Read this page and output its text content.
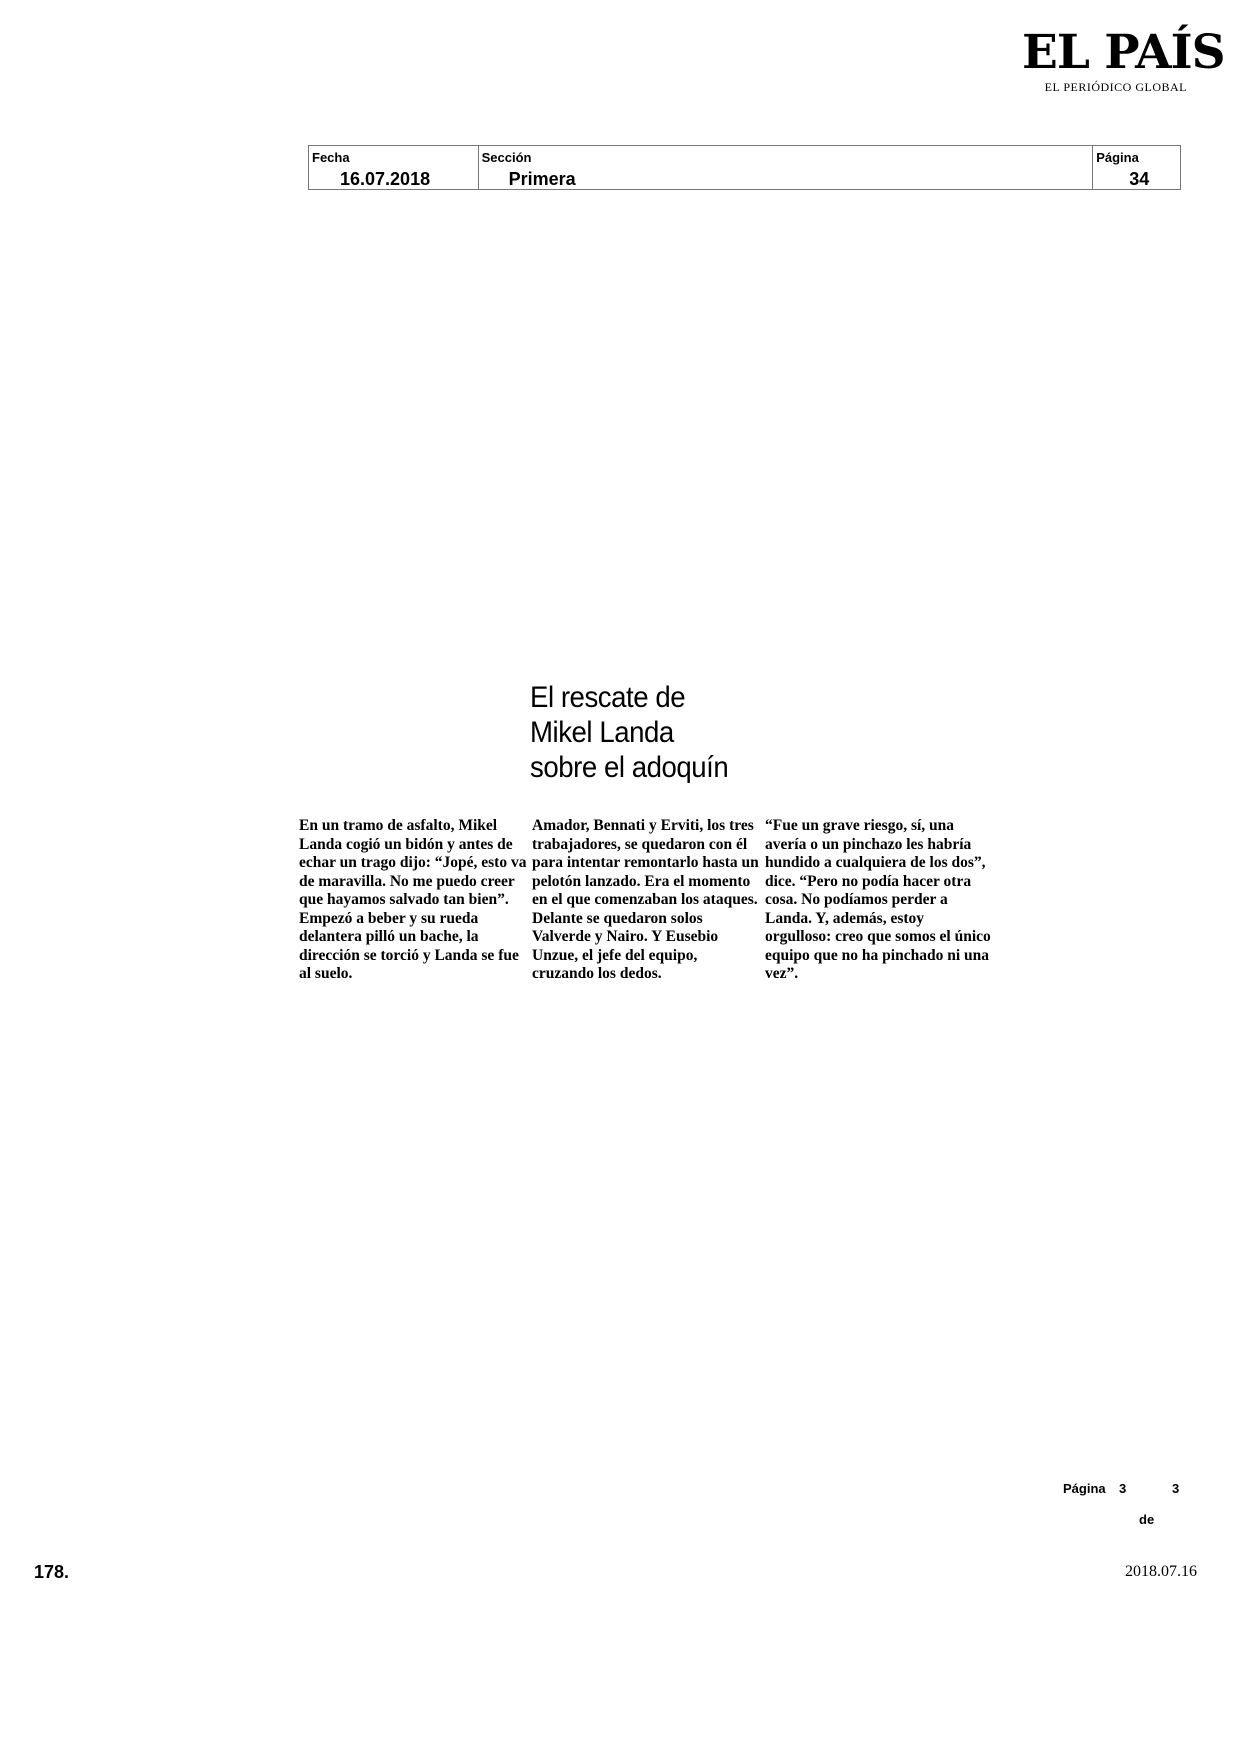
EL PAÍS
EL PERIÓDICO GLOBAL
Fecha
16.07.2018
Sección
Primera
Página
34
El rescate de
Mikel Landa
sobre el adoquín
En un tramo de asfalto, Mikel Landa cogió un bidón y antes de echar un trago dijo: “Jopé, esto va de maravilla. No me puedo creer que hayamos salvado tan bien”. Empezó a beber y su rueda delantera pilló un bache, la dirección se torció y Landa se fue al suelo.
Amador, Bennati y Erviti, los tres trabajadores, se quedaron con él para intentar remontarlo hasta un pelotón lanzado. Era el momento en el que comenzaban los ataques. Delante se quedaron solos Valverde y Nairo. Y Eusebio Unzue, el jefe del equipo, cruzando los dedos.
“Fue un grave riesgo, sí, una avería o un pinchazo les habría hundido a cualquiera de los dos”, dice. “Pero no podía hacer otra cosa. No podíamos perder a Landa. Y, además, estoy orgulloso: creo que somos el único equipo que no ha pinchado ni una vez”.
Página 3	3
de
178.	2018.07.16
